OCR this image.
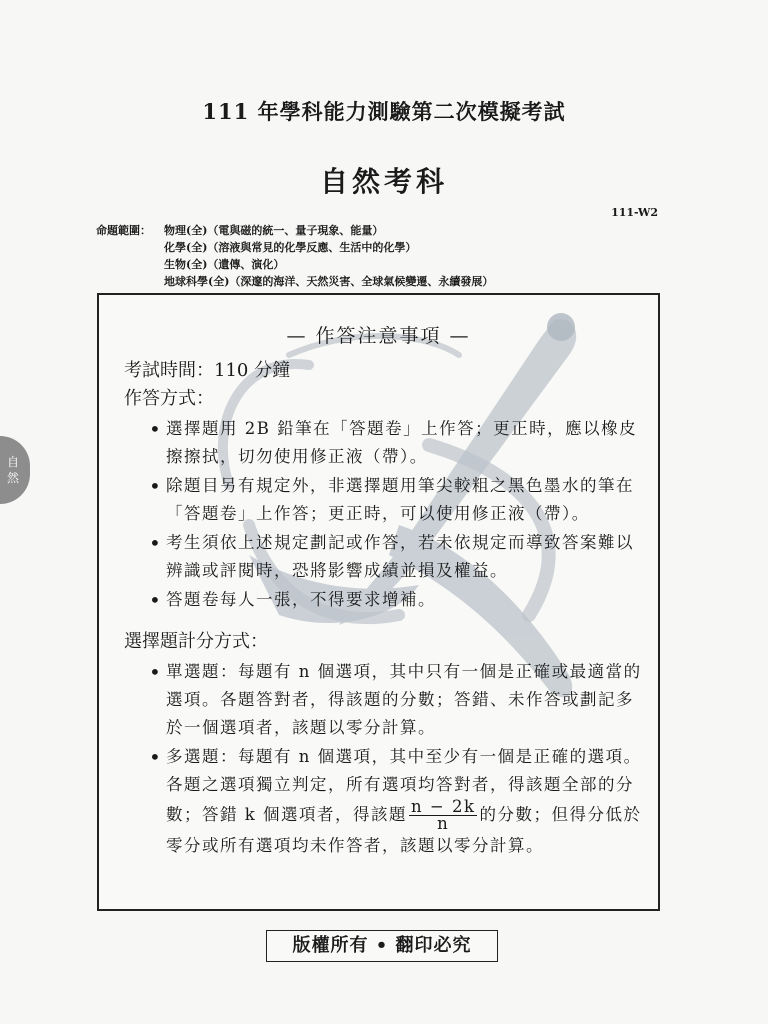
111 年學科能力測驗第二次模擬考試
自然考科
111-W2
命題範圍： 物理(全)（電與磁的統一、量子現象、能量）
化學(全)（溶液與常見的化學反應、生活中的化學）
生物(全)（遺傳、演化）
地球科學(全)（深邃的海洋、天然災害、全球氣候變遷、永續發展）
自然
— 作答注意事項 —
考試時間：110 分鐘
作答方式：
• 選擇題用 2B 鉛筆在「答題卷」上作答；更正時，應以橡皮擦擦拭，切勿使用修正液（帶）。
• 除題目另有規定外，非選擇題用筆尖較粗之黑色墨水的筆在「答題卷」上作答；更正時，可以使用修正液（帶）。
• 考生須依上述規定劃記或作答，若未依規定而導致答案難以辨識或評閱時，恐將影響成績並損及權益。
• 答題卷每人一張，不得要求增補。
選擇題計分方式：
• 單選題：每題有 n 個選項，其中只有一個是正確或最適當的選項。各題答對者，得該題的分數；答錯、未作答或劃記多於一個選項者，該題以零分計算。
• 多選題：每題有 n 個選項，其中至少有一個是正確的選項。各題之選項獨立判定，所有選項均答對者，得該題全部的分數；答錯 k 個選項者，得該題 $\frac{n - 2k}{n}$ 的分數；但得分低於零分或所有選項均未作答者，該題以零分計算。
版權所有 • 翻印必究
